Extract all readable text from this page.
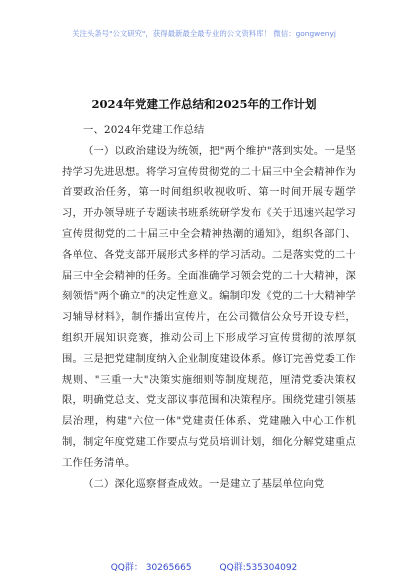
关注头条号"公文研究"，获得最新最全最专业的公文资料库！ 微信：gongwenyj
2024年党建工作总结和2025年的工作计划

一、2024年党建工作总结

（一）以政治建设为统领，把"两个维护"落到实处。一是坚持学习先进思想。将学习宣传贯彻党的二十届三中全会精神作为首要政治任务，第一时间组织收视收听、第一时间开展专题学习，开办领导班子专题读书班系统研学发布《关于迅速兴起学习宣传贯彻党的二十届三中全会精神热潮的通知》，组织各部门、各单位、各党支部开展形式多样的学习活动。二是落实党的二十届三中全会精神的任务。全面准确学习领会党的二十大精神，深刻领悟"两个确立"的决定性意义。编制印发《党的二十大精神学习辅导材料》，制作播出宣传片，在公司微信公众号开设专栏，组织开展知识竞赛，推动公司上下形成学习宣传贯彻的浓厚氛围。三是把党建制度纳入企业制度建设体系。修订完善党委工作规则、"三重一大"决策实施细则等制度规范，厘清党委决策权限，明确党总支、党支部议事范围和决策程序。围绕党建引领基层治理，构建"六位一体"党建责任体系、党建融入中心工作机制，制定年度党建工作要点与党员培训计划，细化分解党建重点工作任务清单。

（二）深化巡察督查成效。一是建立了基层单位向党

QQ群： 30265665	QQ群:535304092
